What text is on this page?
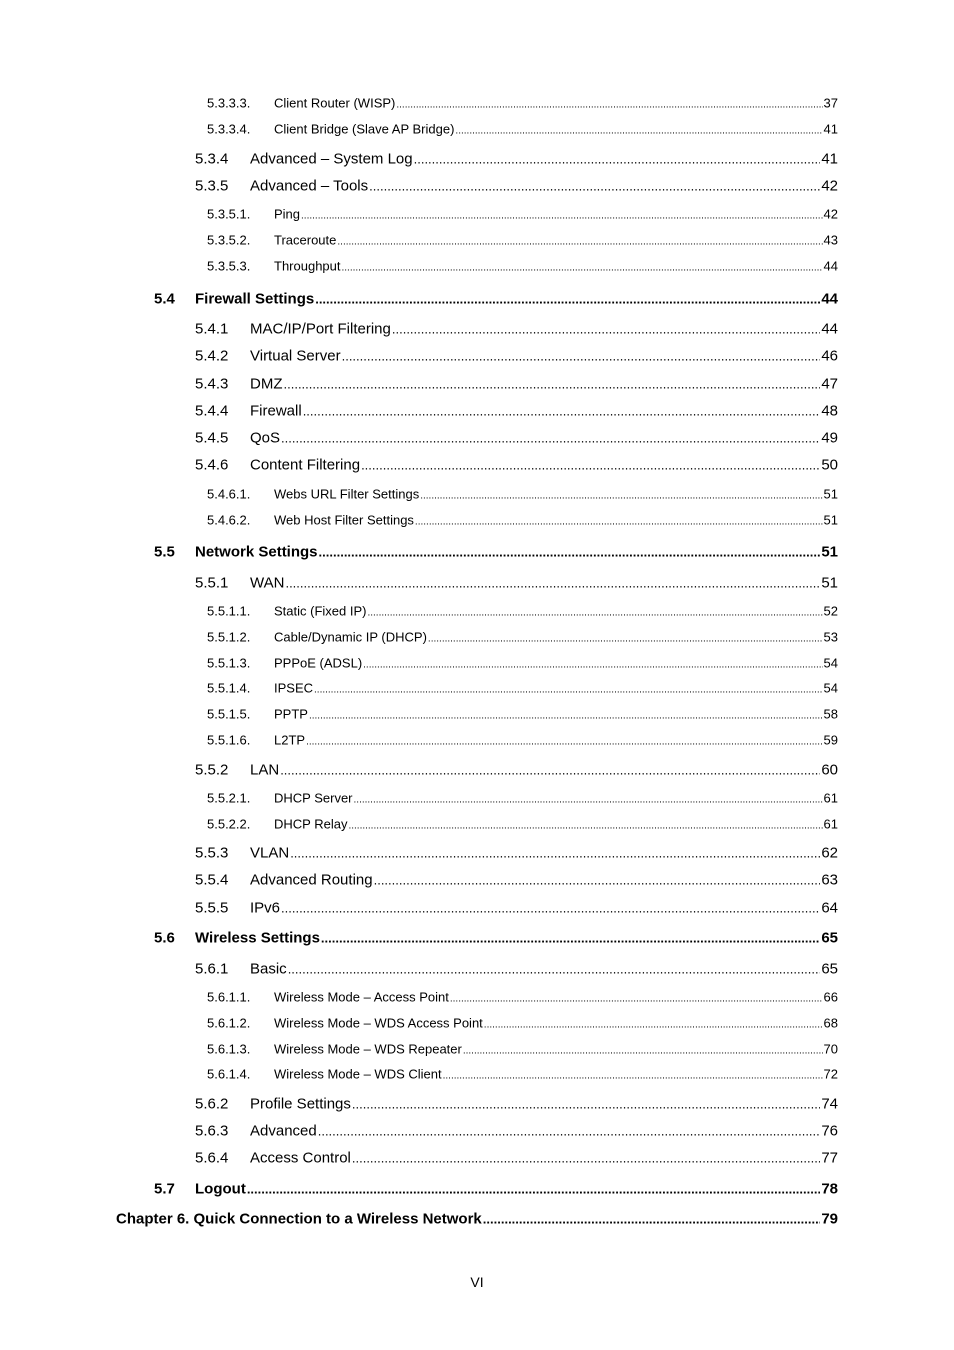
5.3.3.3.	Client Router (WISP) .....	37
5.3.3.4.	Client Bridge (Slave AP Bridge) .....	41
5.3.4	Advanced – System Log .....	41
5.3.5	Advanced – Tools .....	42
5.3.5.1.	Ping .....	42
5.3.5.2.	Traceroute .....	43
5.3.5.3.	Throughput .....	44
5.4	Firewall Settings .....	44
5.4.1	MAC/IP/Port Filtering .....	44
5.4.2	Virtual Server .....	46
5.4.3	DMZ .....	47
5.4.4	Firewall .....	48
5.4.5	QoS .....	49
5.4.6	Content Filtering .....	50
5.4.6.1.	Webs URL Filter Settings .....	51
5.4.6.2.	Web Host Filter Settings .....	51
5.5	Network Settings .....	51
5.5.1	WAN .....	51
5.5.1.1.	Static (Fixed IP) .....	52
5.5.1.2.	Cable/Dynamic IP (DHCP) .....	53
5.5.1.3.	PPPoE (ADSL) .....	54
5.5.1.4.	IPSEC .....	54
5.5.1.5.	PPTP .....	58
5.5.1.6.	L2TP .....	59
5.5.2	LAN .....	60
5.5.2.1.	DHCP Server .....	61
5.5.2.2.	DHCP Relay .....	61
5.5.3	VLAN .....	62
5.5.4	Advanced Routing .....	63
5.5.5	IPv6 .....	64
5.6	Wireless Settings .....	65
5.6.1	Basic .....	65
5.6.1.1.	Wireless Mode – Access Point .....	66
5.6.1.2.	Wireless Mode – WDS Access Point .....	68
5.6.1.3.	Wireless Mode – WDS Repeater .....	70
5.6.1.4.	Wireless Mode – WDS Client .....	72
5.6.2	Profile Settings .....	74
5.6.3	Advanced .....	76
5.6.4	Access Control .....	77
5.7	Logout .....	78
Chapter 6. Quick Connection to a Wireless Network .....	79
VI
